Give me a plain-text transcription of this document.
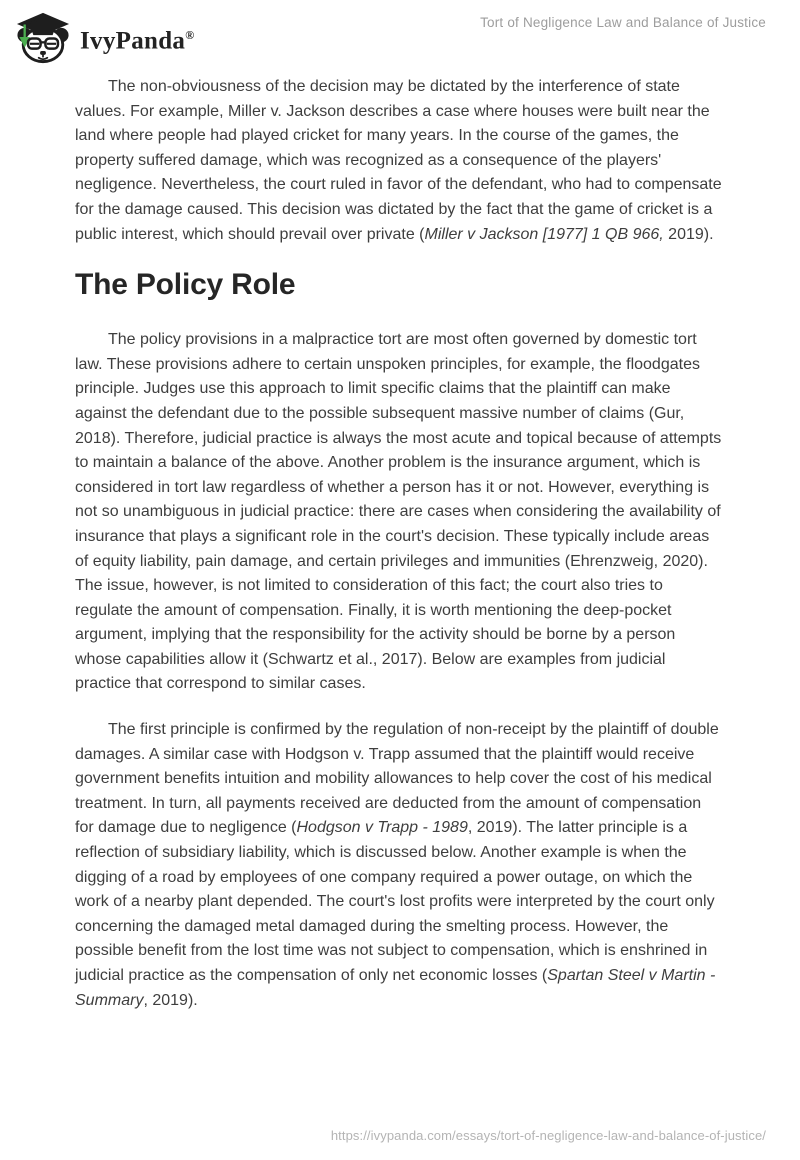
IvyPanda®
Tort of Negligence Law and Balance of Justice

The non-obviousness of the decision may be dictated by the interference of state values. For example, Miller v. Jackson describes a case where houses were built near the land where people had played cricket for many years. In the course of the games, the property suffered damage, which was recognized as a consequence of the players' negligence. Nevertheless, the court ruled in favor of the defendant, who had to compensate for the damage caused. This decision was dictated by the fact that the game of cricket is a public interest, which should prevail over private (Miller v Jackson [1977] 1 QB 966, 2019).

The Policy Role

The policy provisions in a malpractice tort are most often governed by domestic tort law. These provisions adhere to certain unspoken principles, for example, the floodgates principle. Judges use this approach to limit specific claims that the plaintiff can make against the defendant due to the possible subsequent massive number of claims (Gur, 2018). Therefore, judicial practice is always the most acute and topical because of attempts to maintain a balance of the above. Another problem is the insurance argument, which is considered in tort law regardless of whether a person has it or not. However, everything is not so unambiguous in judicial practice: there are cases when considering the availability of insurance that plays a significant role in the court's decision. These typically include areas of equity liability, pain damage, and certain privileges and immunities (Ehrenzweig, 2020). The issue, however, is not limited to consideration of this fact; the court also tries to regulate the amount of compensation. Finally, it is worth mentioning the deep-pocket argument, implying that the responsibility for the activity should be borne by a person whose capabilities allow it (Schwartz et al., 2017). Below are examples from judicial practice that correspond to similar cases.

The first principle is confirmed by the regulation of non-receipt by the plaintiff of double damages. A similar case with Hodgson v. Trapp assumed that the plaintiff would receive government benefits intuition and mobility allowances to help cover the cost of his medical treatment. In turn, all payments received are deducted from the amount of compensation for damage due to negligence (Hodgson v Trapp - 1989, 2019). The latter principle is a reflection of subsidiary liability, which is discussed below. Another example is when the digging of a road by employees of one company required a power outage, on which the work of a nearby plant depended. The court's lost profits were interpreted by the court only concerning the damaged metal damaged during the smelting process. However, the possible benefit from the lost time was not subject to compensation, which is enshrined in judicial practice as the compensation of only net economic losses (Spartan Steel v Martin - Summary, 2019).

https://ivypanda.com/essays/tort-of-negligence-law-and-balance-of-justice/
